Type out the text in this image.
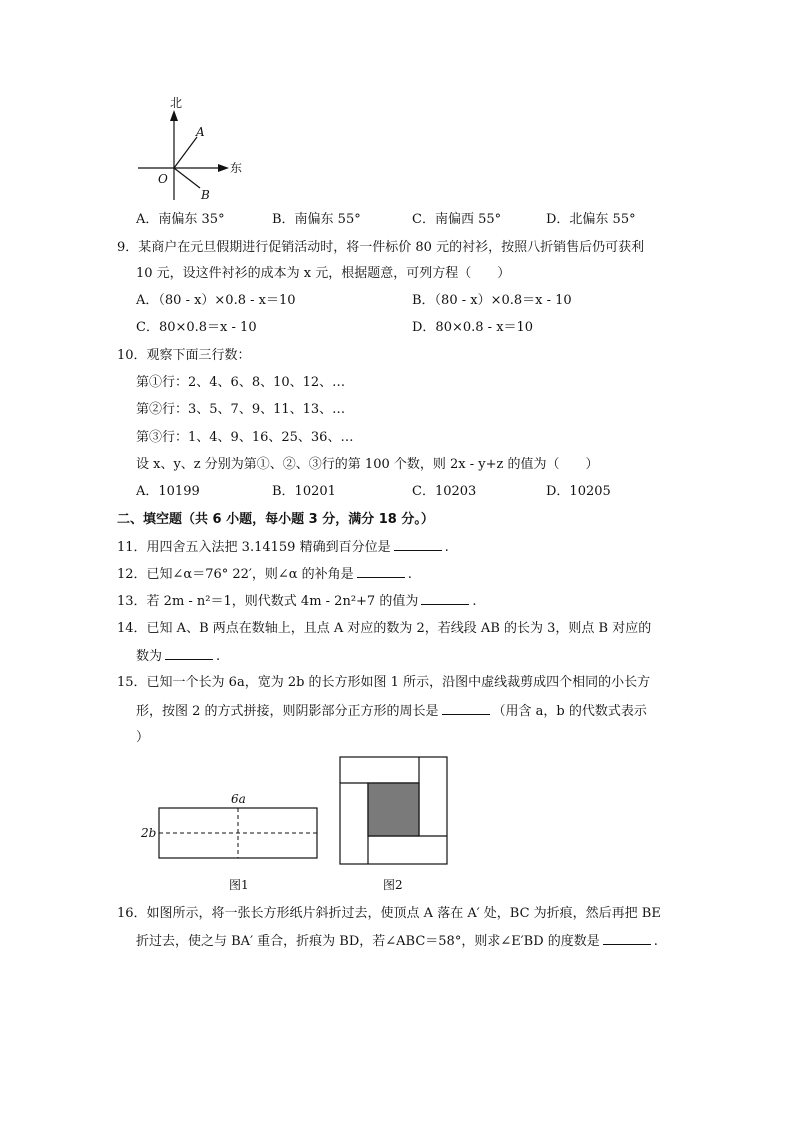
北
东
O
A
B
A．南偏东 35°	B．南偏东 55°	C．南偏西 55°	D．北偏东 55°
9．某商户在元旦假期进行促销活动时，将一件标价 80 元的衬衫，按照八折销售后仍可获利
10 元，设这件衬衫的成本为 x 元，根据题意，可列方程（　　）
A．（80 - x）×0.8 - x＝10	B．（80 - x）×0.8＝x - 10
C．80×0.8＝x - 10	D．80×0.8 - x＝10
10．观察下面三行数：
第①行：2、4、6、8、10、12、…
第②行：3、5、7、9、11、13、…
第③行：1、4、9、16、25、36、…
设 x、y、z 分别为第①、②、③行的第 100 个数，则 2x - y+z 的值为（　　）
A．10199	B．10201	C．10203	D．10205
二、填空题（共 6 小题，每小题 3 分，满分 18 分。）
11．用四舍五入法把 3.14159 精确到百分位是	.
12．已知∠α＝76° 22′，则∠α 的补角是	.
13．若 2m - n²＝1，则代数式 4m - 2n²+7 的值为	.
14．已知 A、B 两点在数轴上，且点 A 对应的数为 2，若线段 AB 的长为 3，则点 B 对应的
数为	.
15．已知一个长为 6a，宽为 2b 的长方形如图 1 所示，沿图中虚线裁剪成四个相同的小长方
形，按图 2 的方式拼接，则阴影部分正方形的周长是	（用含 a，b 的代数式表示
）
6a
2b
图1	图2
16．如图所示，将一张长方形纸片斜折过去，使顶点 A 落在 A′ 处，BC 为折痕，然后再把 BE
折过去，使之与 BA′ 重合，折痕为 BD，若∠ABC＝58°，则求∠E′BD 的度数是	.
